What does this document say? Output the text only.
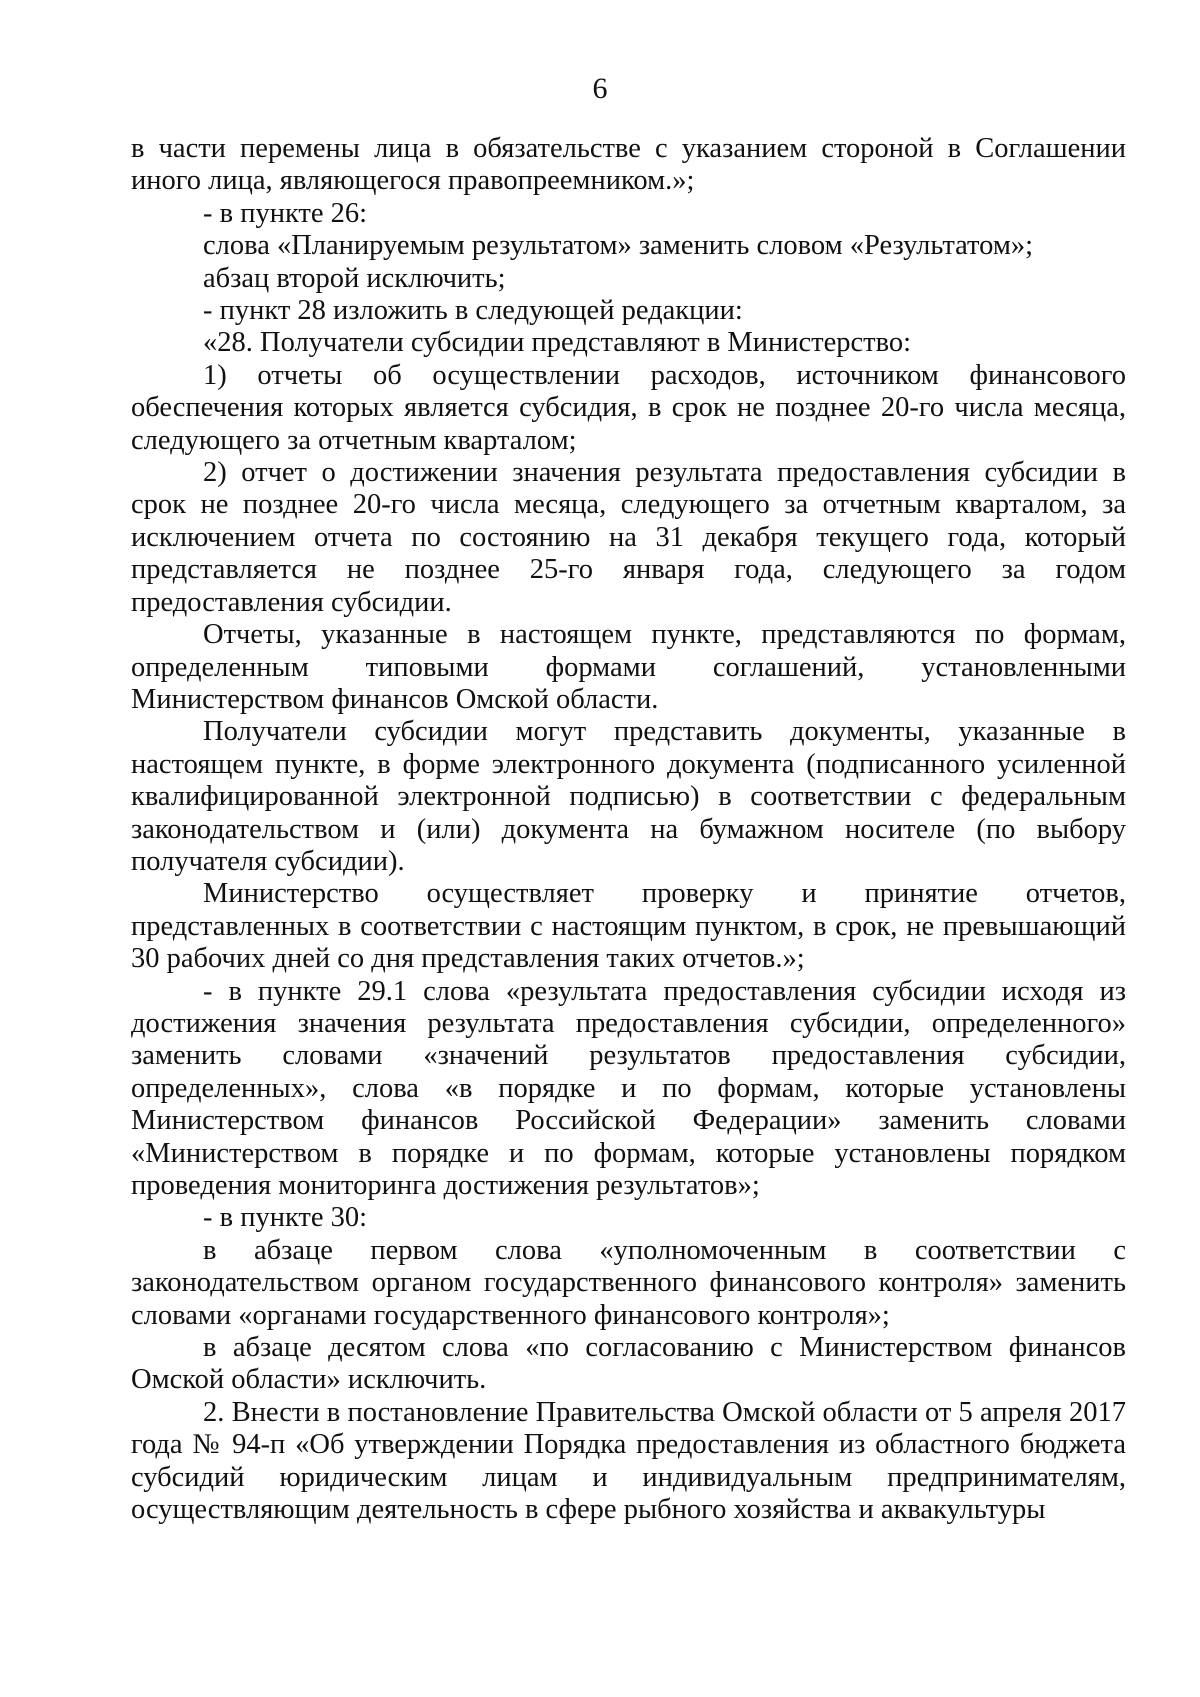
6

в части перемены лица в обязательстве с указанием стороной в Соглашении иного лица, являющегося правопреемником.»;

- в пункте 26:

слова «Планируемым результатом» заменить словом «Результатом»;

абзац второй исключить;

- пункт 28 изложить в следующей редакции:

«28. Получатели субсидии представляют в Министерство:

1) отчеты об осуществлении расходов, источником финансового обеспечения которых является субсидия, в срок не позднее 20-го числа месяца, следующего за отчетным кварталом;

2) отчет о достижении значения результата предоставления субсидии в срок не позднее 20-го числа месяца, следующего за отчетным кварталом, за исключением отчета по состоянию на 31 декабря текущего года, который представляется не позднее 25-го января года, следующего за годом предоставления субсидии.

Отчеты, указанные в настоящем пункте, представляются по формам, определенным типовыми формами соглашений, установленными Министерством финансов Омской области.

Получатели субсидии могут представить документы, указанные в настоящем пункте, в форме электронного документа (подписанного усиленной квалифицированной электронной подписью) в соответствии с федеральным законодательством и (или) документа на бумажном носителе (по выбору получателя субсидии).

Министерство осуществляет проверку и принятие отчетов, представленных в соответствии с настоящим пунктом, в срок, не превышающий 30 рабочих дней со дня представления таких отчетов.»;

- в пункте 29.1 слова «результата предоставления субсидии исходя из достижения значения результата предоставления субсидии, определенного» заменить словами «значений результатов предоставления субсидии, определенных», слова «в порядке и по формам, которые установлены Министерством финансов Российской Федерации» заменить словами «Министерством в порядке и по формам, которые установлены порядком проведения мониторинга достижения результатов»;

- в пункте 30:

в абзаце первом слова «уполномоченным в соответствии с законодательством органом государственного финансового контроля» заменить словами «органами государственного финансового контроля»;

в абзаце десятом слова «по согласованию с Министерством финансов Омской области» исключить.

2. Внести в постановление Правительства Омской области от 5 апреля 2017 года № 94-п «Об утверждении Порядка предоставления из областного бюджета субсидий юридическим лицам и индивидуальным предпринимателям, осуществляющим деятельность в сфере рыбного хозяйства и аквакультуры
